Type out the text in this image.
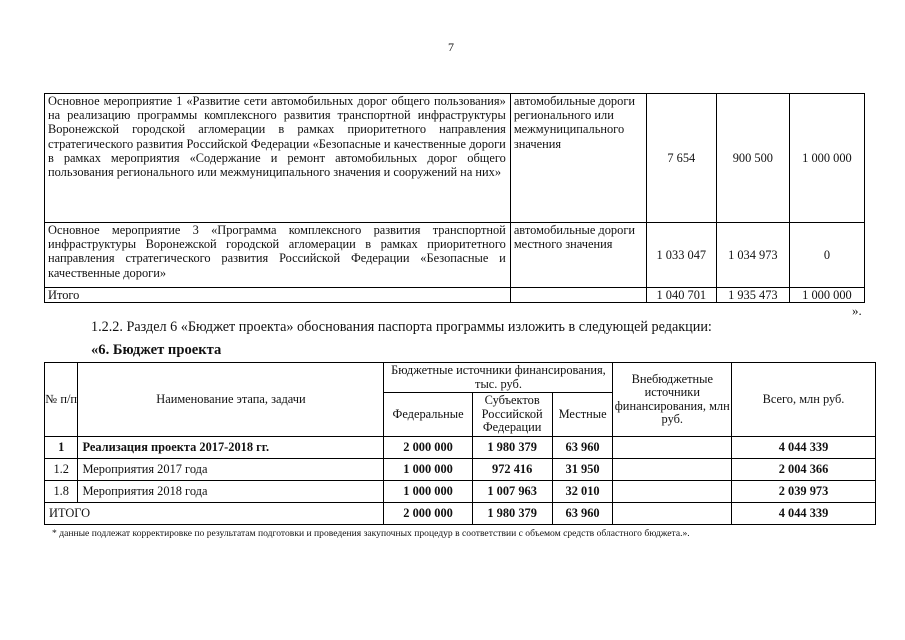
7
Основное мероприятие 1 «Развитие сети автомобильных дорог общего пользования» на реализацию программы комплексного развития транспортной инфраструктуры Воронежской городской агломерации в рамках приоритетного направления стратегического развития Российской Федерации «Безопасные и качественные дороги в рамках мероприятия «Содержание и ремонт автомобильных дорог общего пользования регионального или межмуниципального значения и сооружений на них»	автомобильные дороги регионального или межмуниципального значения	7 654	900 500	1 000 000
Основное мероприятие 3 «Программа комплексного развития транспортной инфраструктуры Воронежской городской агломерации в рамках приоритетного направления стратегического развития Российской Федерации «Безопасные и качественные дороги»	автомобильные дороги местного значения	1 033 047	1 034 973	0
Итого		1 040 701	1 935 473	1 000 000
».
1.2.2. Раздел 6 «Бюджет проекта» обоснования паспорта программы изложить в следующей редакции:
«6. Бюджет проекта
№ п/п	Наименование этапа, задачи	Бюджетные источники финансирования, тыс. руб.			Внебюджетные источники финансирования, млн руб.	Всего, млн руб.
		Федеральные	Субъектов Российской Федерации	Местные		
1	Реализация проекта 2017-2018 гг.	2 000 000	1 980 379	63 960		4 044 339
1.2	Мероприятия 2017 года	1 000 000	972 416	31 950		2 004 366
1.8	Мероприятия 2018 года	1 000 000	1 007 963	32 010		2 039 973
ИТОГО		2 000 000	1 980 379	63 960		4 044 339
* данные подлежат корректировке по результатам подготовки и проведения закупочных процедур в соответствии с объемом средств областного бюджета.».
